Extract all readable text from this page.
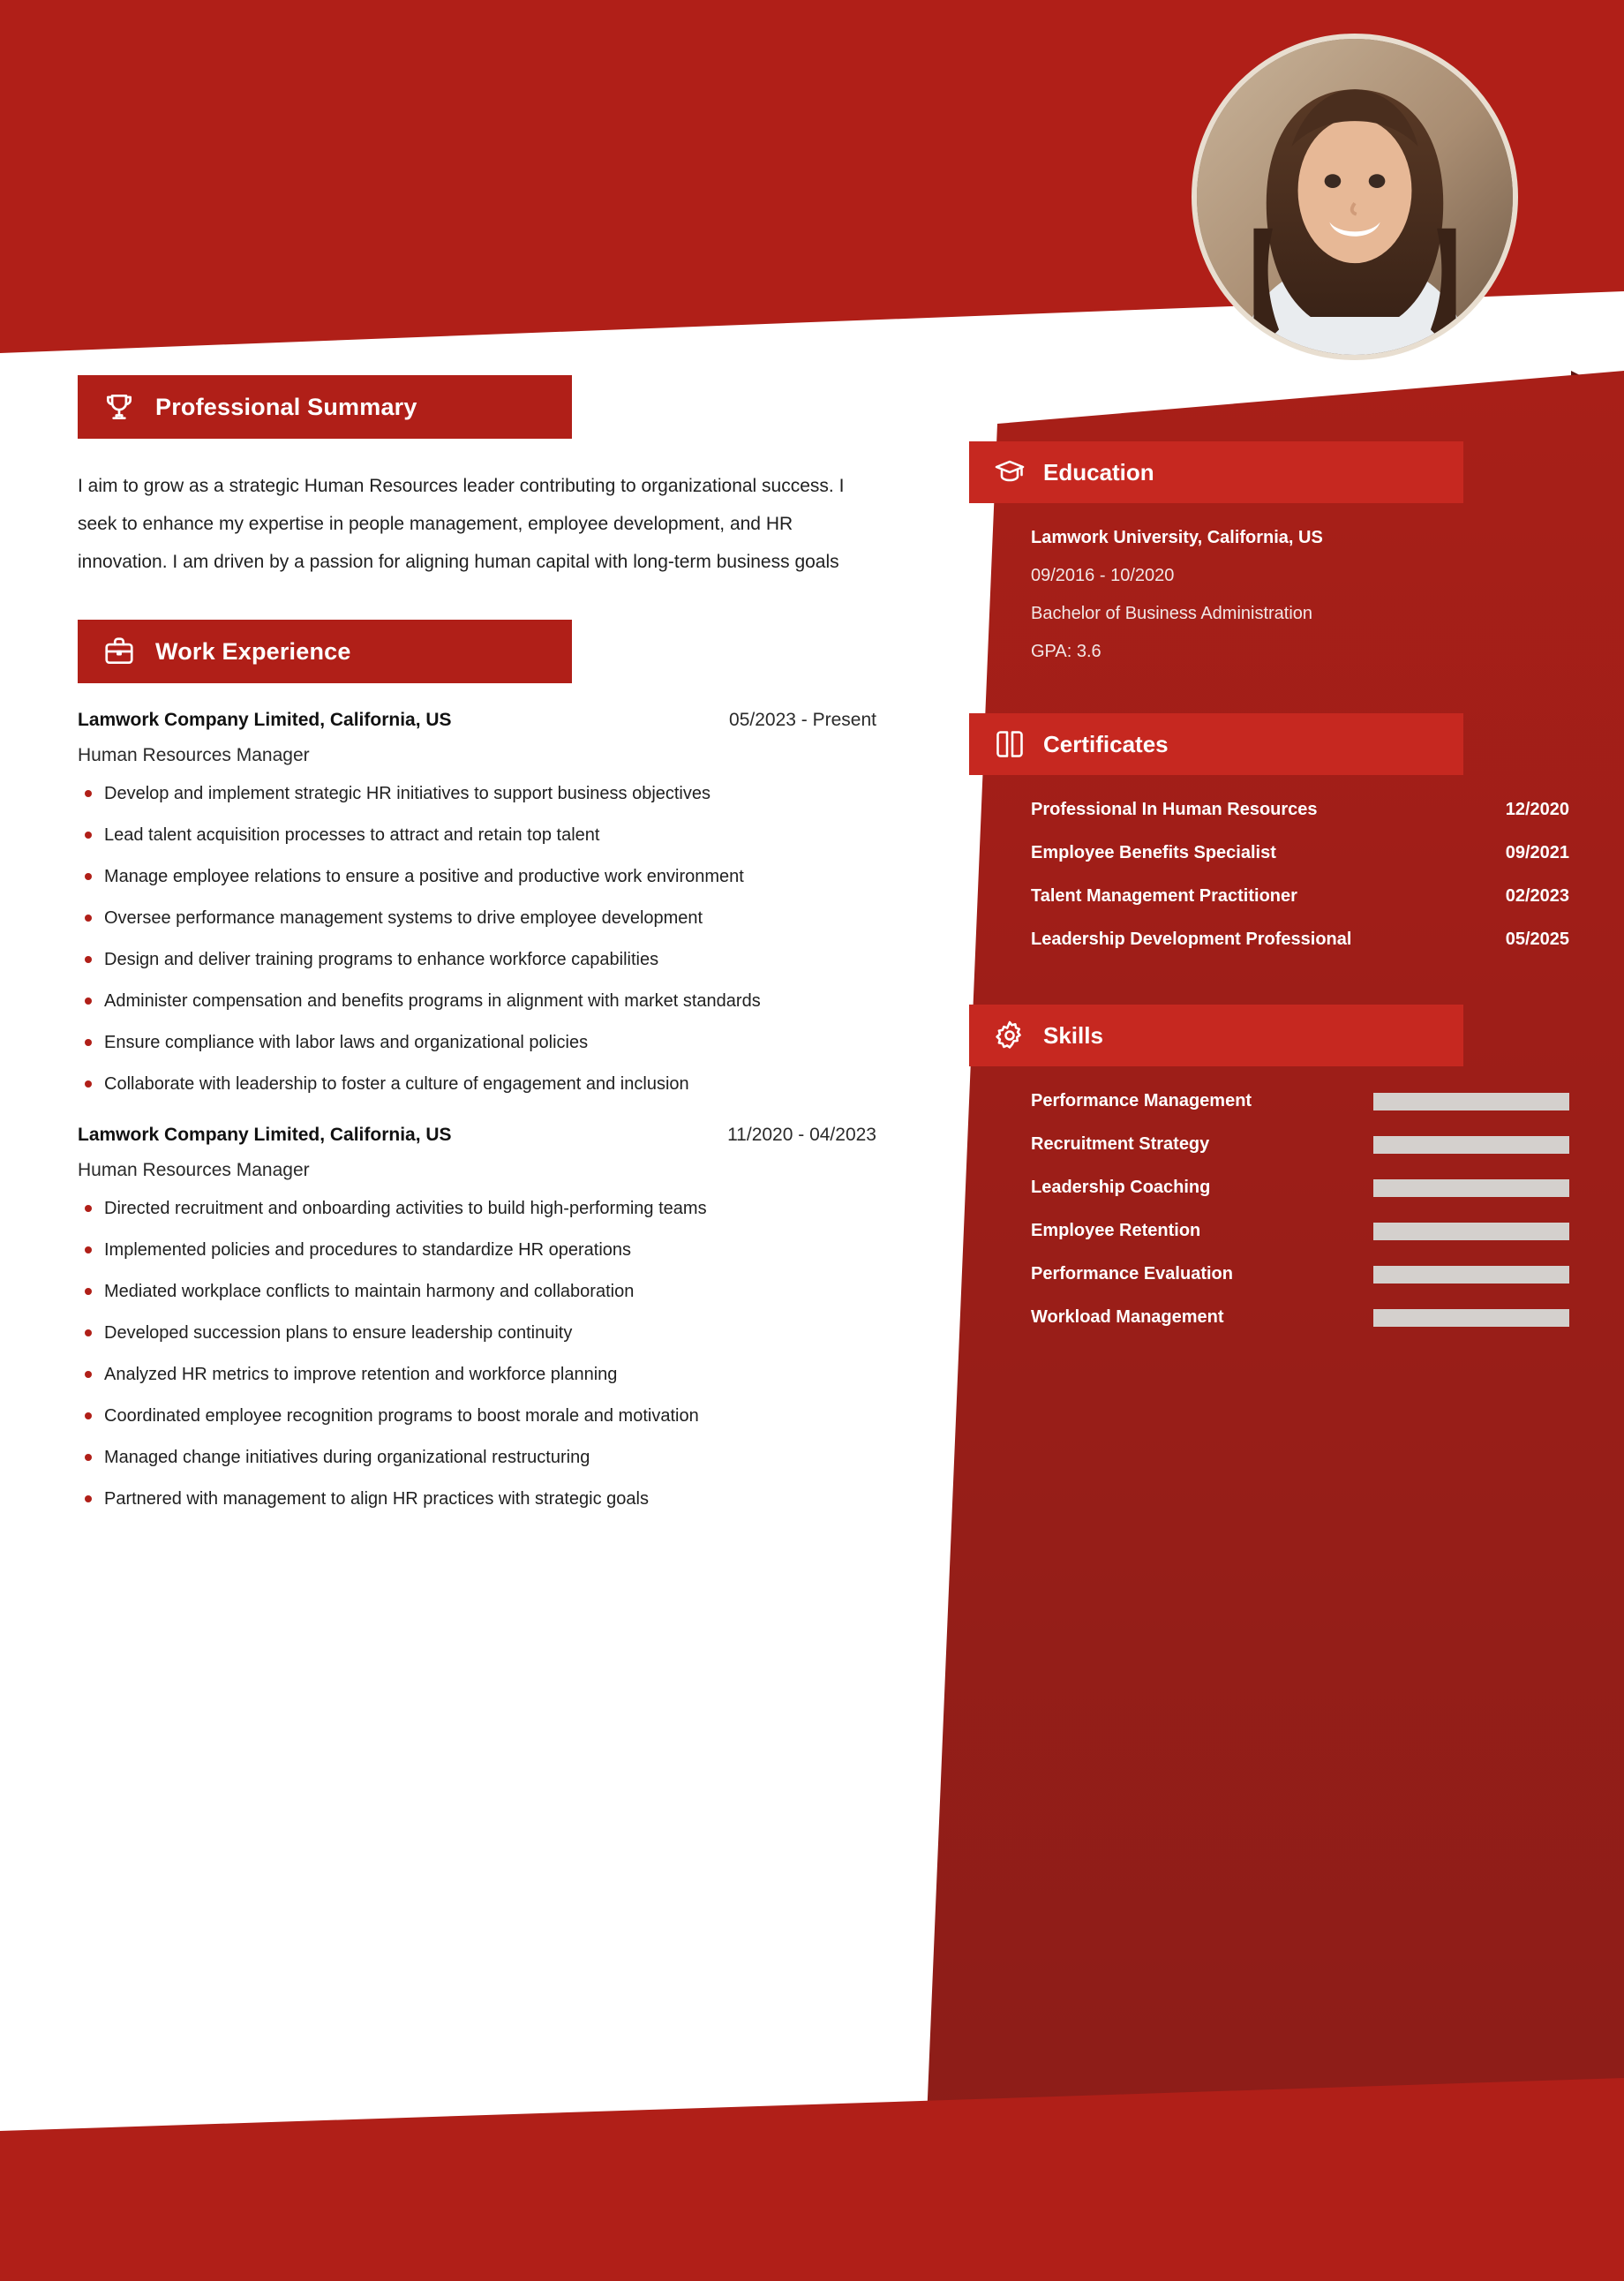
Professional Summary
I aim to grow as a strategic Human Resources leader contributing to organizational success. I seek to enhance my expertise in people management, employee development, and HR innovation. I am driven by a passion for aligning human capital with long-term business goals
Work Experience
Lamwork Company Limited, California, US	05/2023 - Present
Human Resources Manager
Develop and implement strategic HR initiatives to support business objectives
Lead talent acquisition processes to attract and retain top talent
Manage employee relations to ensure a positive and productive work environment
Oversee performance management systems to drive employee development
Design and deliver training programs to enhance workforce capabilities
Administer compensation and benefits programs in alignment with market standards
Ensure compliance with labor laws and organizational policies
Collaborate with leadership to foster a culture of engagement and inclusion
Lamwork Company Limited, California, US	11/2020 - 04/2023
Human Resources Manager
Directed recruitment and onboarding activities to build high-performing teams
Implemented policies and procedures to standardize HR operations
Mediated workplace conflicts to maintain harmony and collaboration
Developed succession plans to ensure leadership continuity
Analyzed HR metrics to improve retention and workforce planning
Coordinated employee recognition programs to boost morale and motivation
Managed change initiatives during organizational restructuring
Partnered with management to align HR practices with strategic goals
Education
Lamwork University, California, US
09/2016 - 10/2020
Bachelor of Business Administration
GPA: 3.6
Certificates
Professional In Human Resources	12/2020
Employee Benefits Specialist	09/2021
Talent Management Practitioner	02/2023
Leadership Development Professional	05/2025
Skills
Performance Management
Recruitment Strategy
Leadership Coaching
Employee Retention
Performance Evaluation
Workload Management
